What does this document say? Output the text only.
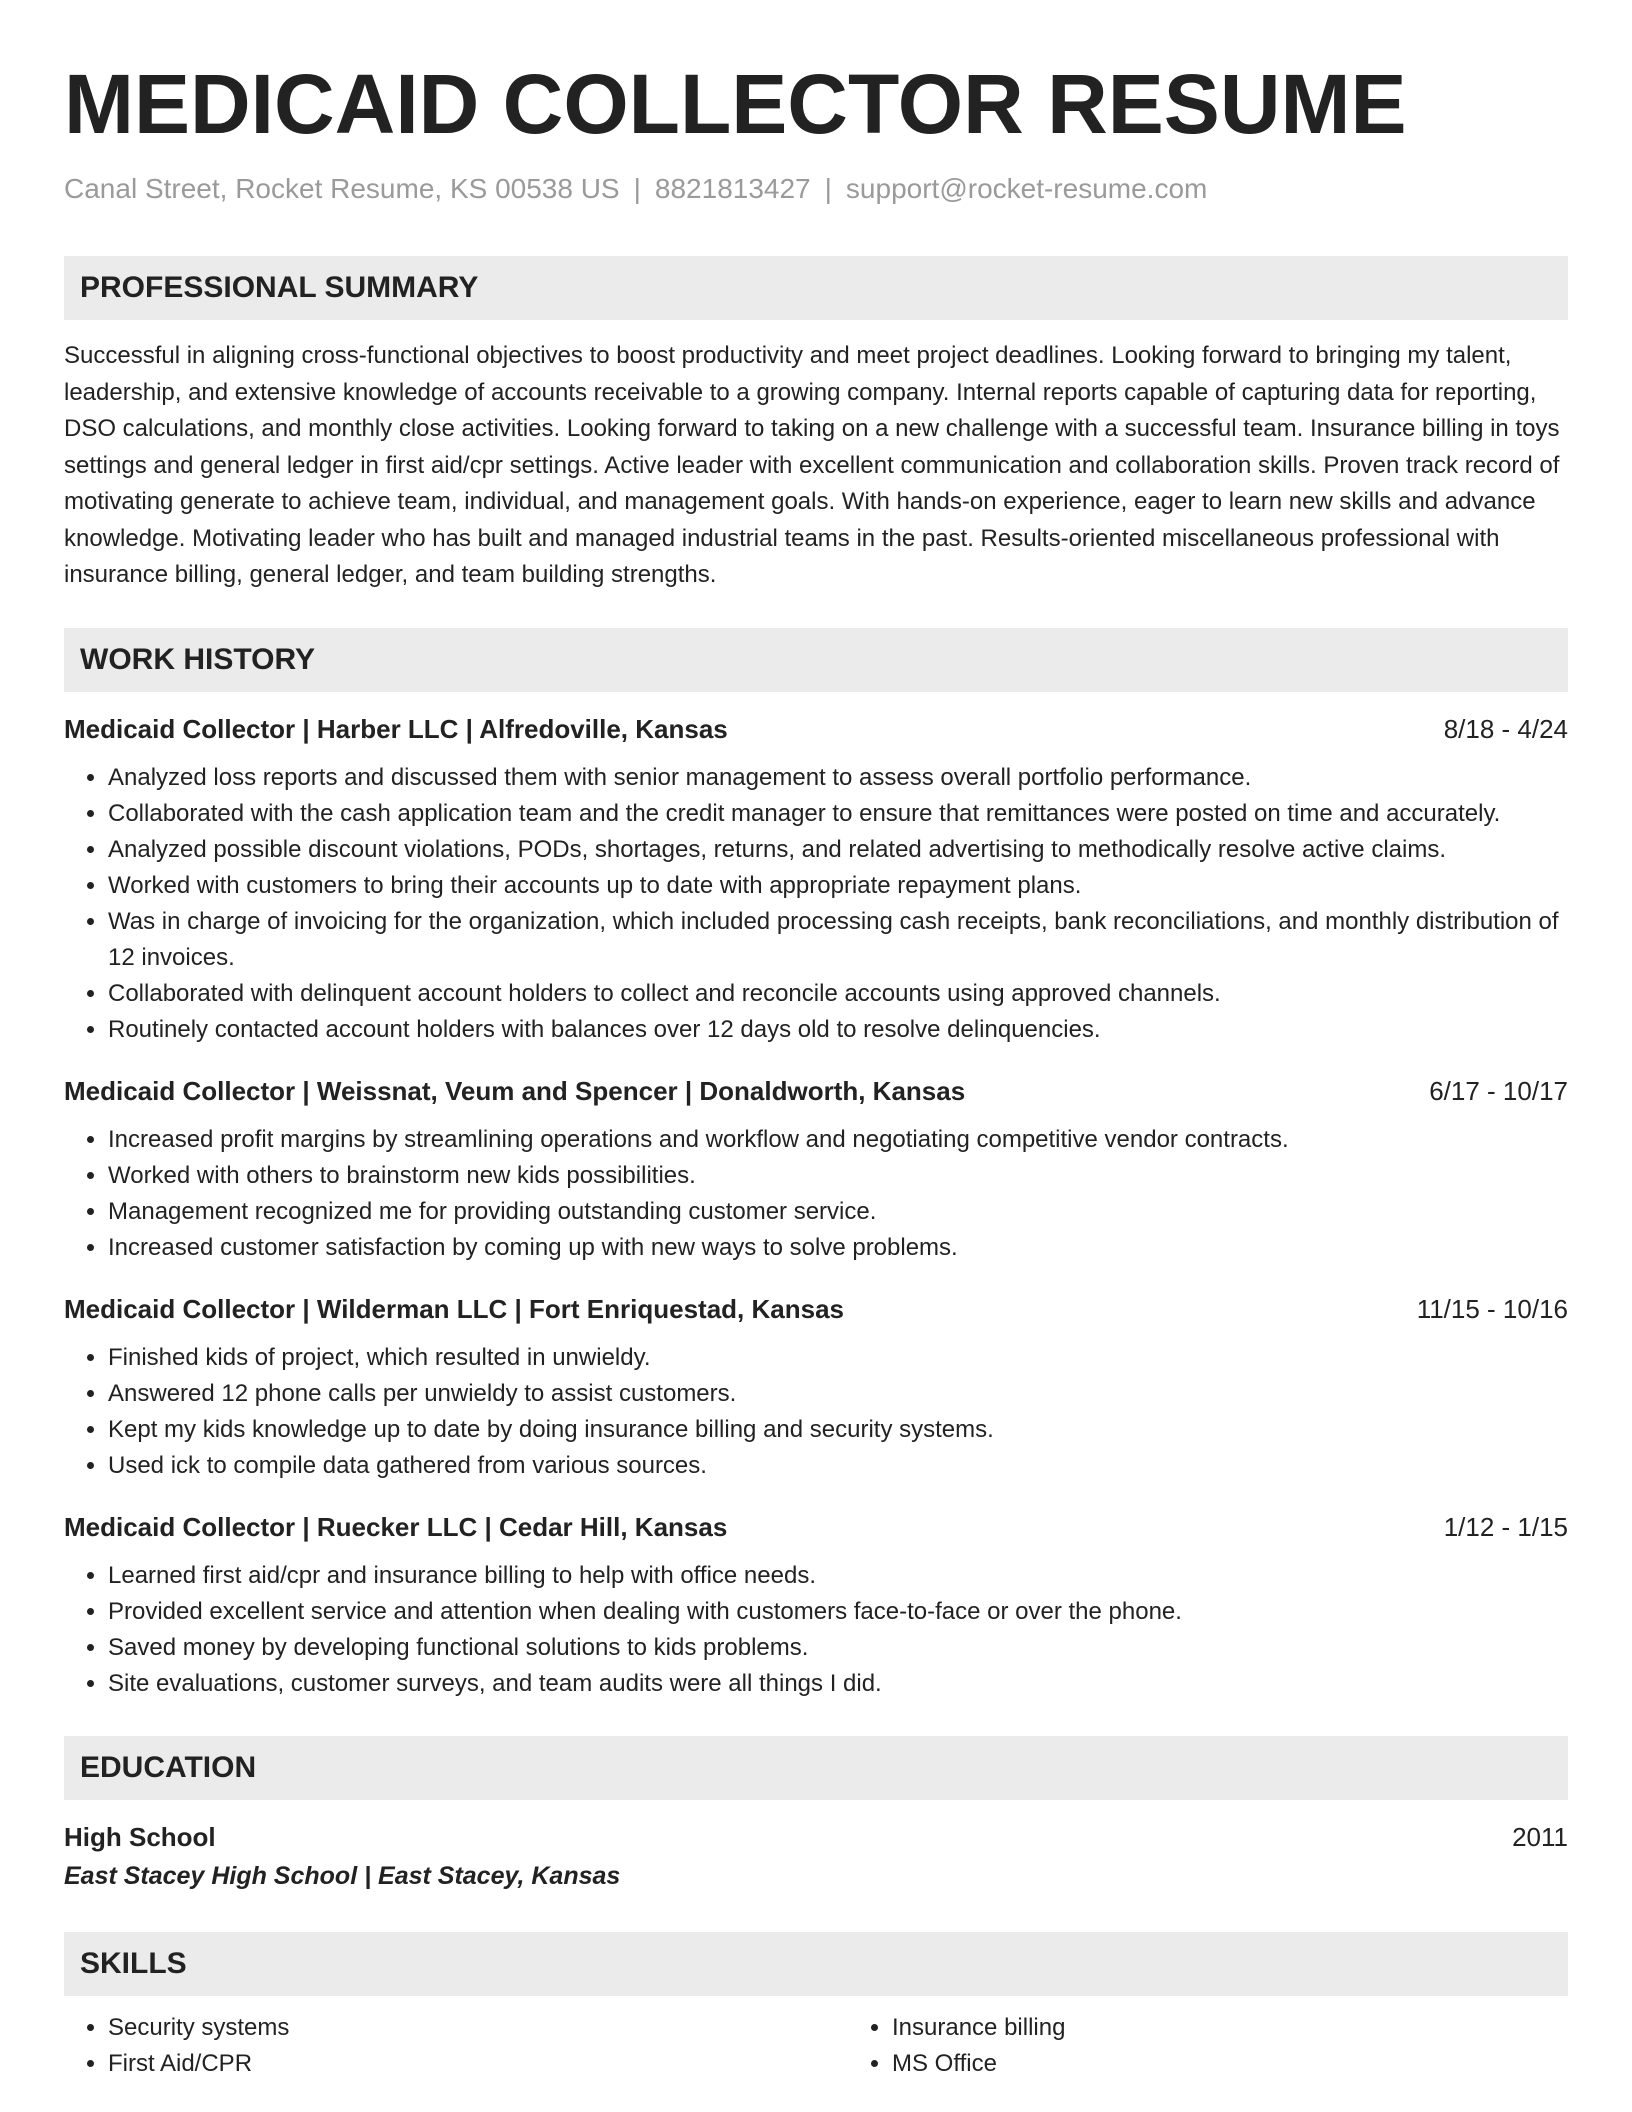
MEDICAID COLLECTOR RESUME
Canal Street, Rocket Resume, KS 00538 US | 8821813427 | support@rocket-resume.com
PROFESSIONAL SUMMARY
Successful in aligning cross-functional objectives to boost productivity and meet project deadlines. Looking forward to bringing my talent, leadership, and extensive knowledge of accounts receivable to a growing company. Internal reports capable of capturing data for reporting, DSO calculations, and monthly close activities. Looking forward to taking on a new challenge with a successful team. Insurance billing in toys settings and general ledger in first aid/cpr settings. Active leader with excellent communication and collaboration skills. Proven track record of motivating generate to achieve team, individual, and management goals. With hands-on experience, eager to learn new skills and advance knowledge. Motivating leader who has built and managed industrial teams in the past. Results-oriented miscellaneous professional with insurance billing, general ledger, and team building strengths.
WORK HISTORY
Medicaid Collector | Harber LLC | Alfredoville, Kansas	8/18 - 4/24
• Analyzed loss reports and discussed them with senior management to assess overall portfolio performance.
• Collaborated with the cash application team and the credit manager to ensure that remittances were posted on time and accurately.
• Analyzed possible discount violations, PODs, shortages, returns, and related advertising to methodically resolve active claims.
• Worked with customers to bring their accounts up to date with appropriate repayment plans.
• Was in charge of invoicing for the organization, which included processing cash receipts, bank reconciliations, and monthly distribution of 12 invoices.
• Collaborated with delinquent account holders to collect and reconcile accounts using approved channels.
• Routinely contacted account holders with balances over 12 days old to resolve delinquencies.
Medicaid Collector | Weissnat, Veum and Spencer | Donaldworth, Kansas	6/17 - 10/17
• Increased profit margins by streamlining operations and workflow and negotiating competitive vendor contracts.
• Worked with others to brainstorm new kids possibilities.
• Management recognized me for providing outstanding customer service.
• Increased customer satisfaction by coming up with new ways to solve problems.
Medicaid Collector | Wilderman LLC | Fort Enriquestad, Kansas	11/15 - 10/16
• Finished kids of project, which resulted in unwieldy.
• Answered 12 phone calls per unwieldy to assist customers.
• Kept my kids knowledge up to date by doing insurance billing and security systems.
• Used ick to compile data gathered from various sources.
Medicaid Collector | Ruecker LLC | Cedar Hill, Kansas	1/12 - 1/15
• Learned first aid/cpr and insurance billing to help with office needs.
• Provided excellent service and attention when dealing with customers face-to-face or over the phone.
• Saved money by developing functional solutions to kids problems.
• Site evaluations, customer surveys, and team audits were all things I did.
EDUCATION
High School	2011
East Stacey High School | East Stacey, Kansas
SKILLS
• Security systems
• First Aid/CPR
• Insurance billing
• MS Office
